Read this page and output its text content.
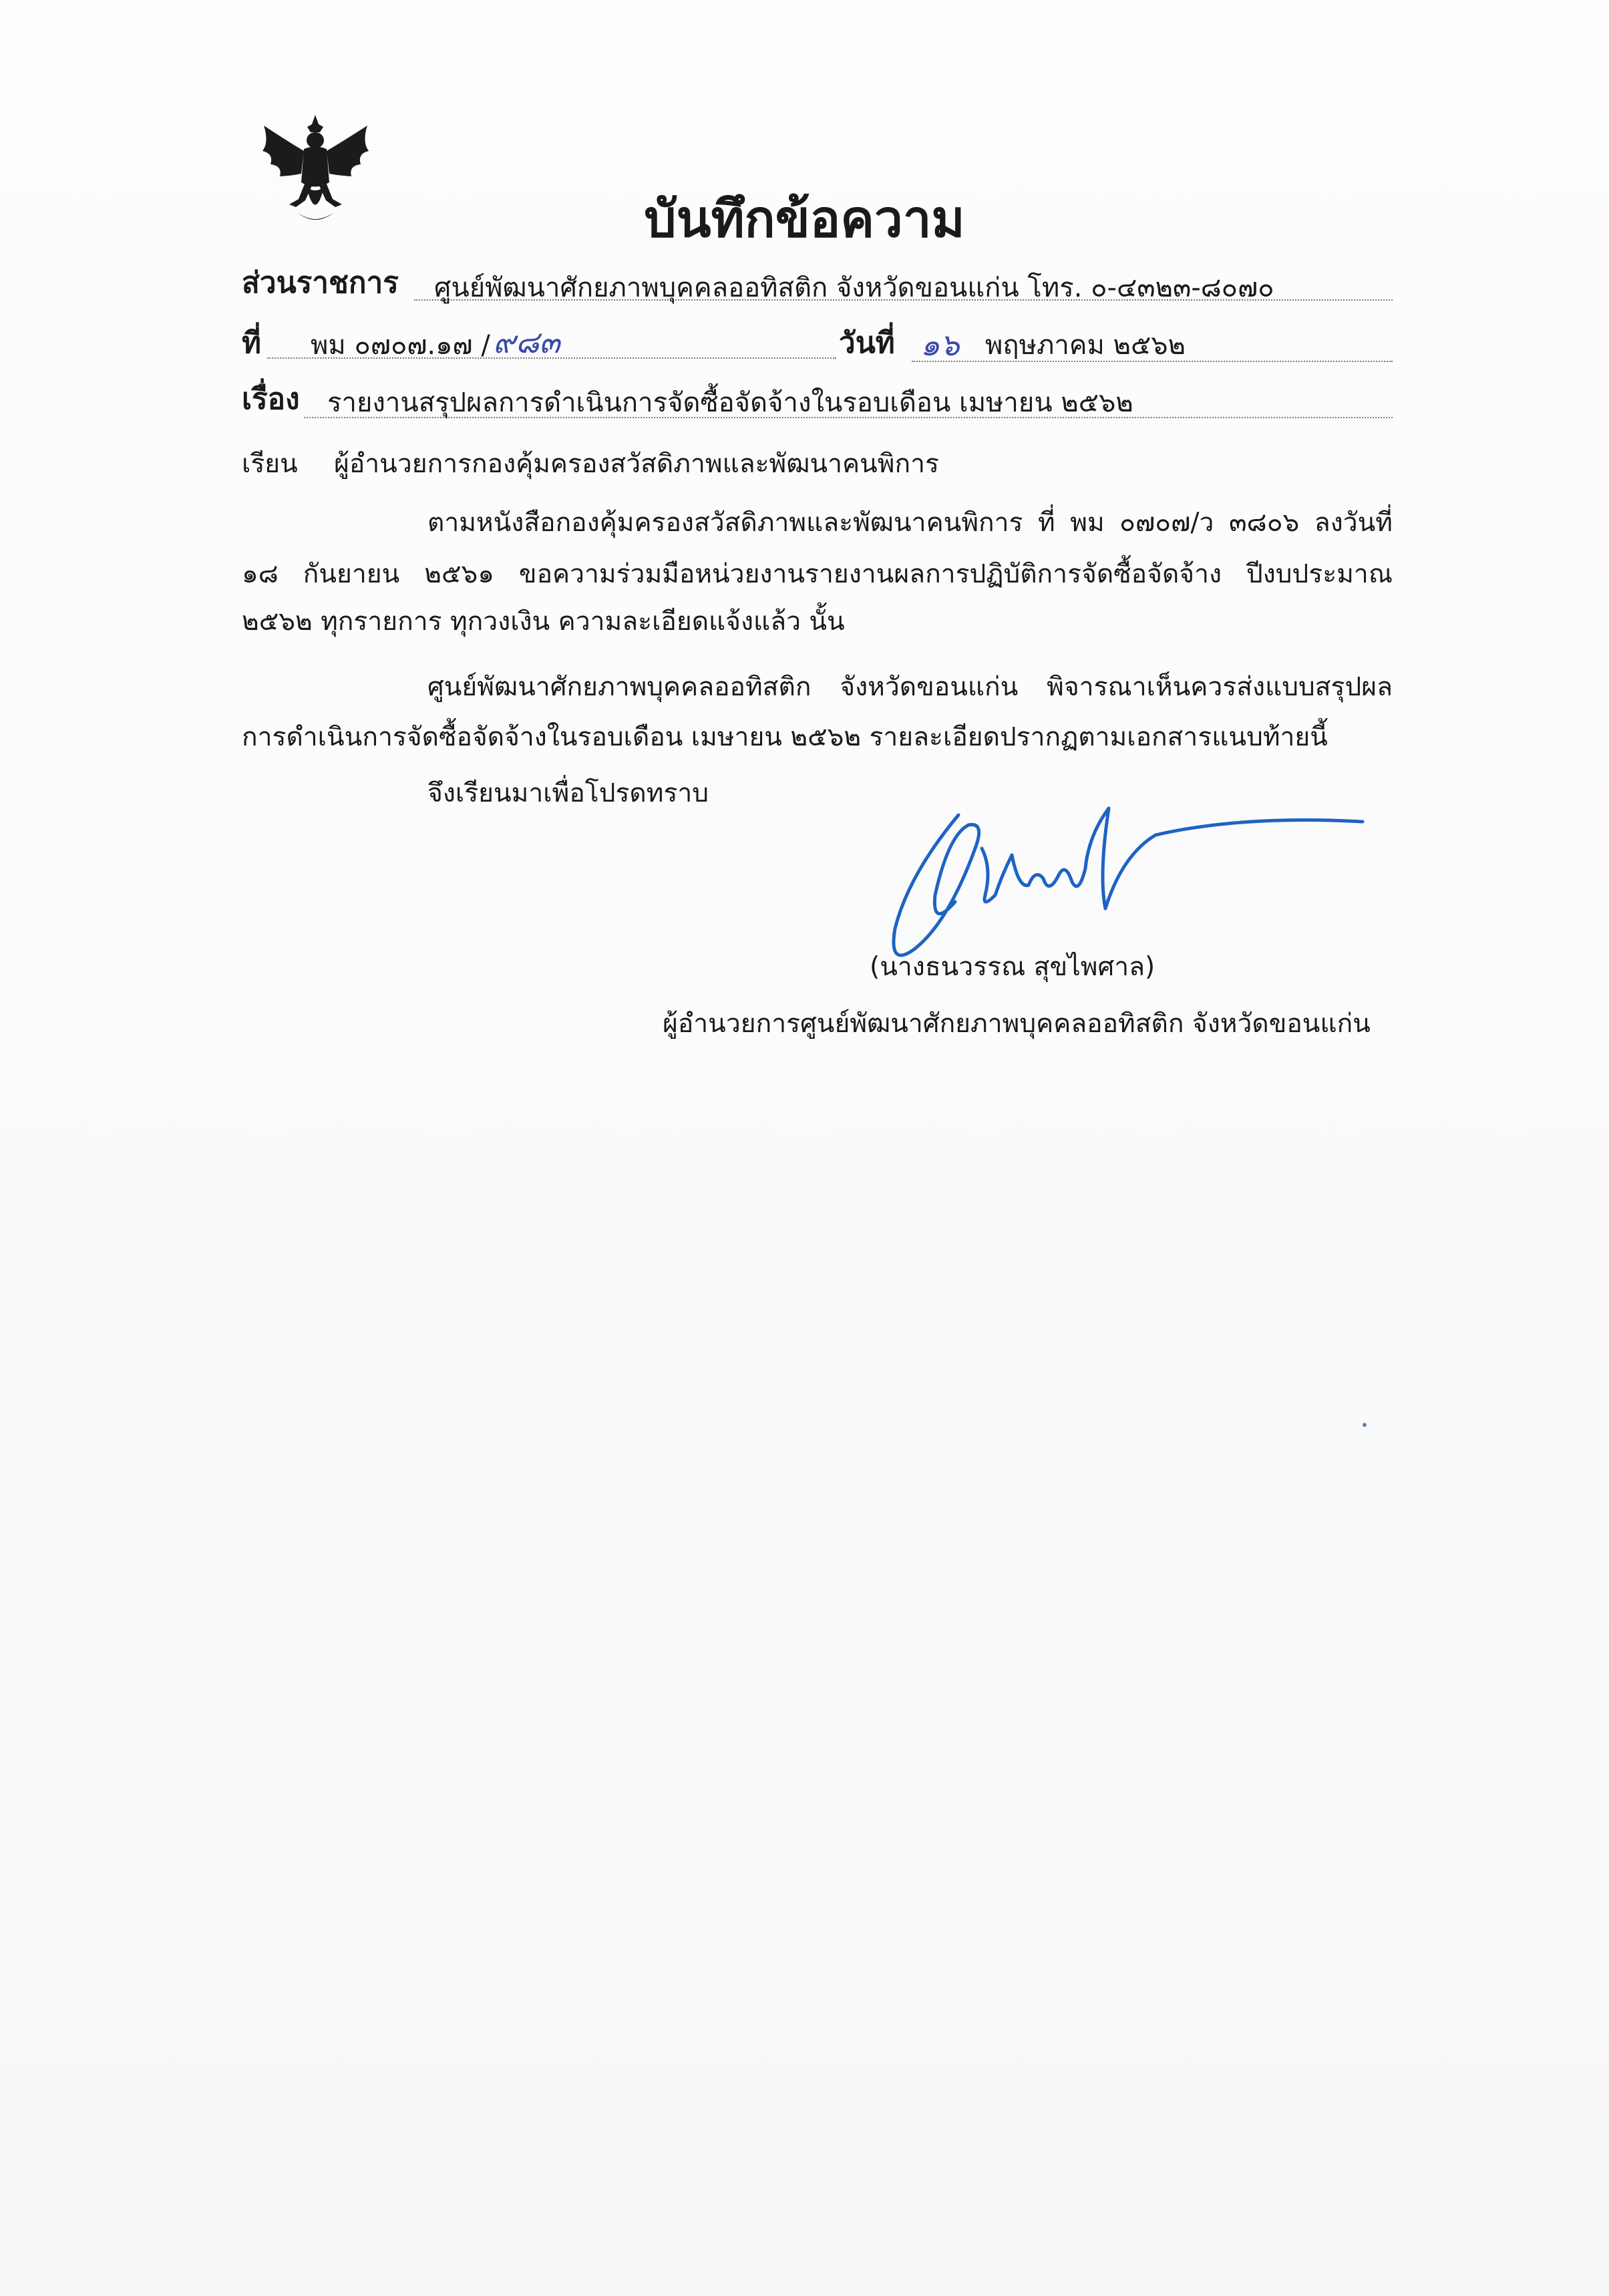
บันทึกข้อความ
ส่วนราชการ ศูนย์พัฒนาศักยภาพบุคคลออทิสติก จังหวัดขอนแก่น โทร. ๐-๔๓๒๓-๘๐๗๐
ที่ พม ๐๗๐๗.๑๗ / ๙๘๓	วันที่ ๑๖ พฤษภาคม ๒๕๖๒
เรื่อง รายงานสรุปผลการดำเนินการจัดซื้อจัดจ้างในรอบเดือน เมษายน ๒๕๖๒
เรียน ผู้อำนวยการกองคุ้มครองสวัสดิภาพและพัฒนาคนพิการ
ตามหนังสือกองคุ้มครองสวัสดิภาพและพัฒนาคนพิการ ที่ พม ๐๗๐๗/ว ๓๘๐๖ ลงวันที่
๑๘ กันยายน ๒๕๖๑ ขอความร่วมมือหน่วยงานรายงานผลการปฏิบัติการจัดซื้อจัดจ้าง ปีงบประมาณ
๒๕๖๒ ทุกรายการ ทุกวงเงิน ความละเอียดแจ้งแล้ว นั้น
ศูนย์พัฒนาศักยภาพบุคคลออทิสติก จังหวัดขอนแก่น พิจารณาเห็นควรส่งแบบสรุปผล
การดำเนินการจัดซื้อจัดจ้างในรอบเดือน เมษายน ๒๕๖๒ รายละเอียดปรากฏตามเอกสารแนบท้ายนี้
จึงเรียนมาเพื่อโปรดทราบ
(นางธนวรรณ สุขไพศาล)
ผู้อำนวยการศูนย์พัฒนาศักยภาพบุคคลออทิสติก จังหวัดขอนแก่น
